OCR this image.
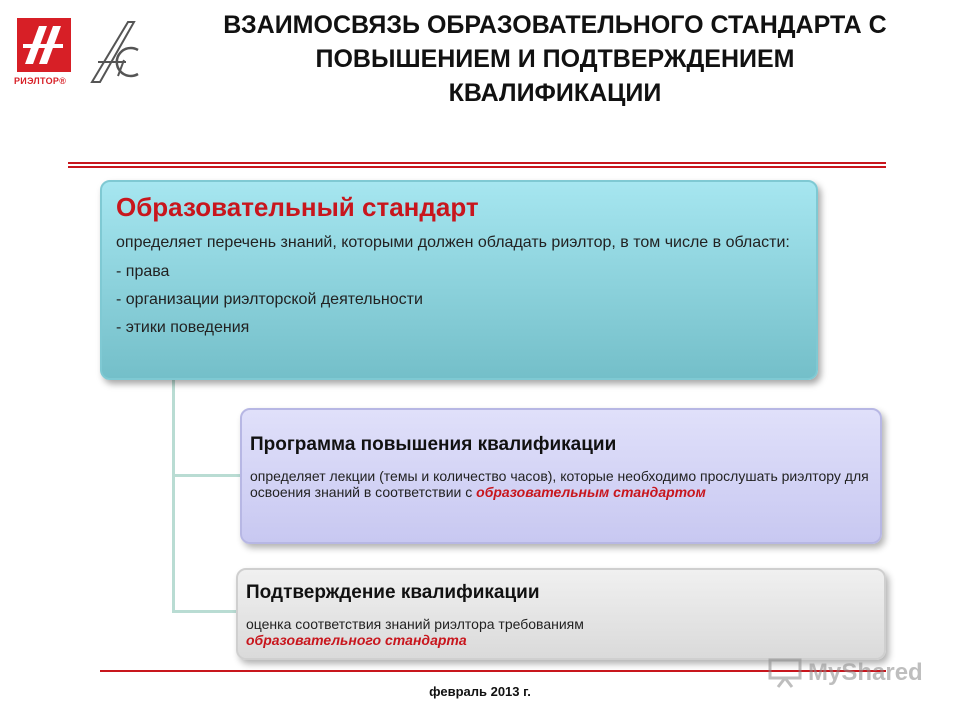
РИЭЛТОР®
ВЗАИМОСВЯЗЬ ОБРАЗОВАТЕЛЬНОГО СТАНДАРТА С
ПОВЫШЕНИЕМ И ПОДТВЕРЖДЕНИЕМ
КВАЛИФИКАЦИИ
Образовательный стандарт
определяет перечень знаний, которыми должен обладать риэлтор, в том числе в области:
- права
- организации риэлторской деятельности
- этики поведения
Программа повышения квалификации
определяет лекции (темы и количество часов), которые необходимо прослушать риэлтору для освоения знаний в соответствии с образовательным стандартом
Подтверждение квалификации
оценка соответствия знаний риэлтора требованиям
образовательного стандарта
февраль 2013 г.
MyShared
